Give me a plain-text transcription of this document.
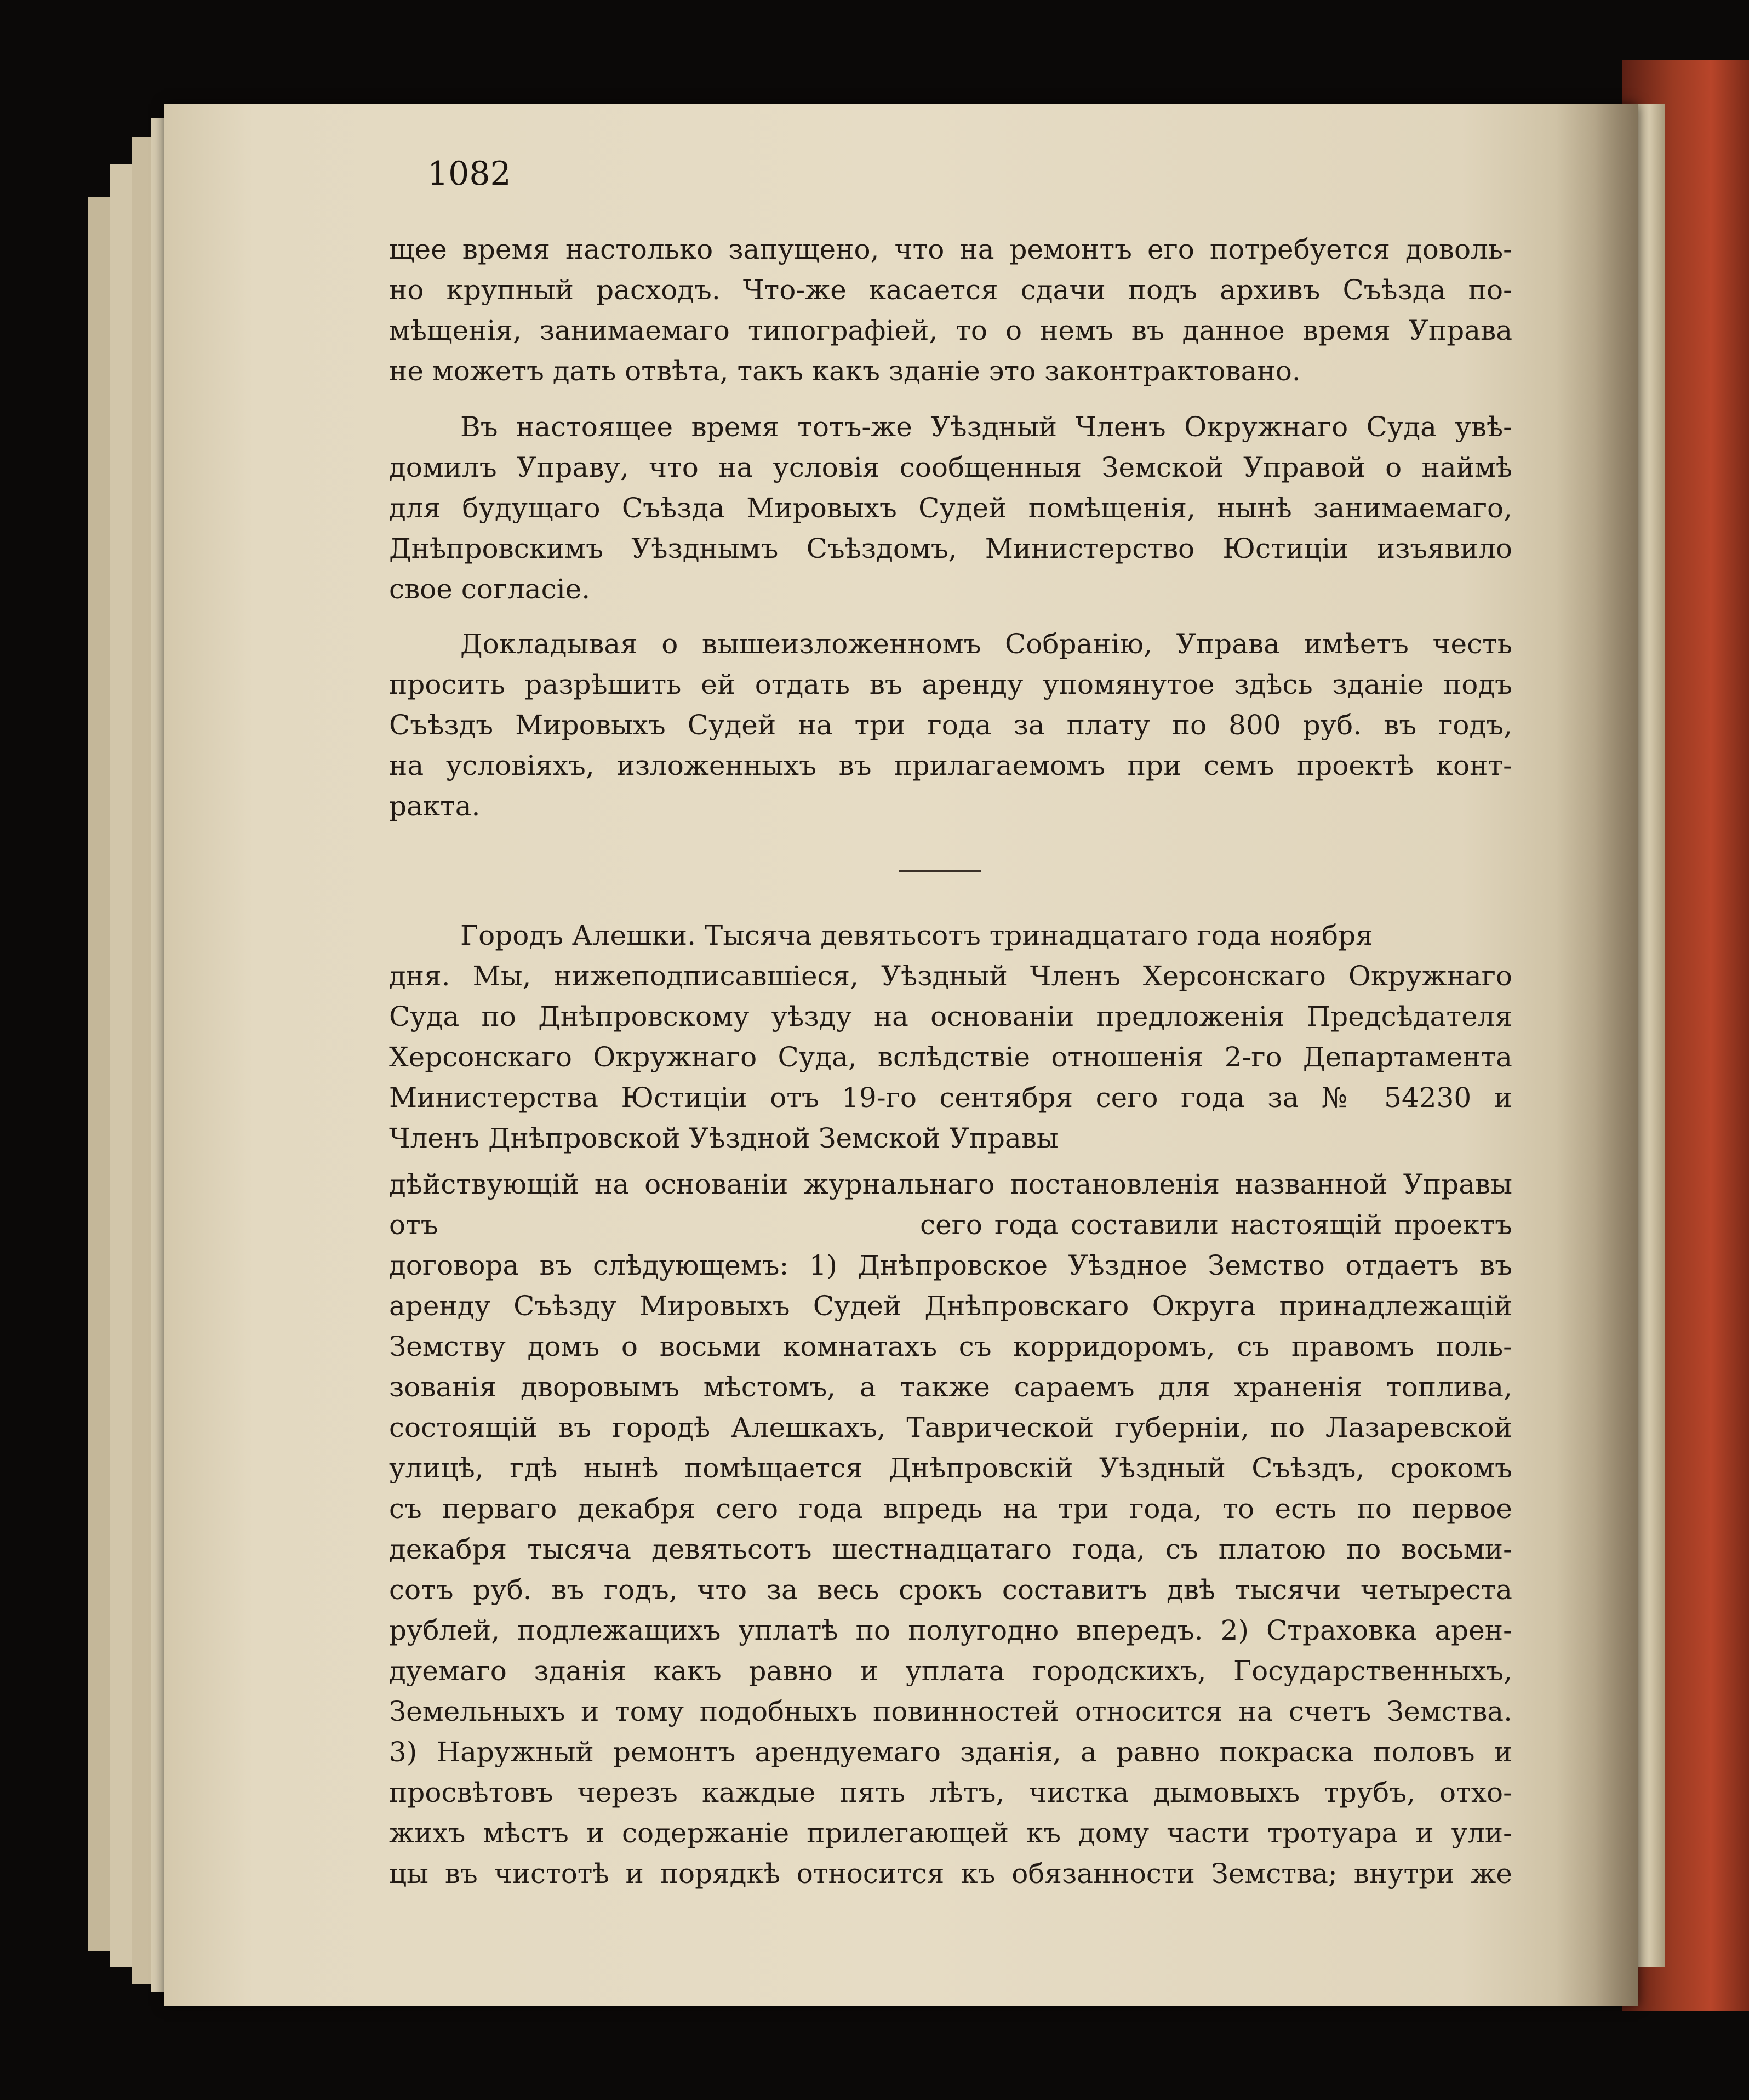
1082
щее время настолько запущено, что на ремонтъ его потребуется доволь-
но крупный расходъ. Что-же касается сдачи подъ архивъ Съѣзда по-
мѣщенія, занимаемаго типографіей, то о немъ въ данное время Управа
не можетъ дать отвѣта, такъ какъ зданіе это законтрактовано.
Въ настоящее время тотъ-же Уѣздный Членъ Окружнаго Суда увѣ-
домилъ Управу, что на условія сообщенныя Земской Управой о наймѣ
для будущаго Съѣзда Мировыхъ Судей помѣщенія, нынѣ занимаемаго,
Днѣпровскимъ Уѣзднымъ Съѣздомъ, Министерство Юстиціи изъявило
свое согласіе.
Докладывая о вышеизложенномъ Собранію, Управа имѣетъ честь
просить разрѣшить ей отдать въ аренду упомянутое здѣсь зданіе подъ
Съѣздъ Мировыхъ Судей на три года за плату по 800 руб. въ годъ,
на условіяхъ, изложенныхъ въ прилагаемомъ при семъ проектѣ конт-
ракта.
Городъ Алешки. Тысяча девятьсотъ тринадцатаго года ноября
дня. Мы, нижеподписавшіеся, Уѣздный Членъ Херсонскаго Окружнаго
Суда по Днѣпровскому уѣзду на основаніи предложенія Предсѣдателя
Херсонскаго Окружнаго Суда, вслѣдствіе отношенія 2-го Департамента
Министерства Юстиціи отъ 19-го сентября сего года за № 54230 и
Членъ Днѣпровской Уѣздной Земской Управы
дѣйствующій на основаніи журнальнаго постановленія названной Управы
отъ                                        сего года составили настоящій проектъ
договора въ слѣдующемъ: 1) Днѣпровское Уѣздное Земство отдаетъ въ
аренду Съѣзду Мировыхъ Судей Днѣпровскаго Округа принадлежащій
Земству домъ о восьми комнатахъ съ корридоромъ, съ правомъ поль-
зованія дворовымъ мѣстомъ, а также сараемъ для храненія топлива,
состоящій въ городѣ Алешкахъ, Таврической губерніи, по Лазаревской
улицѣ, гдѣ нынѣ помѣщается Днѣпровскій Уѣздный Съѣздъ, срокомъ
съ перваго декабря сего года впредь на три года, то есть по первое
декабря тысяча девятьсотъ шестнадцатаго года, съ платою по восьми-
сотъ руб. въ годъ, что за весь срокъ составитъ двѣ тысячи четыреста
рублей, подлежащихъ уплатѣ по полугодно впередъ. 2) Страховка арен-
дуемаго зданія какъ равно и уплата городскихъ, Государственныхъ,
Земельныхъ и тому подобныхъ повинностей относится на счетъ Земства.
3) Наружный ремонтъ арендуемаго зданія, а равно покраска половъ и
просвѣтовъ черезъ каждые пять лѣтъ, чистка дымовыхъ трубъ, отхо-
жихъ мѣстъ и содержаніе прилегающей къ дому части тротуара и ули-
цы въ чистотѣ и порядкѣ относится къ обязанности Земства; внутри же
